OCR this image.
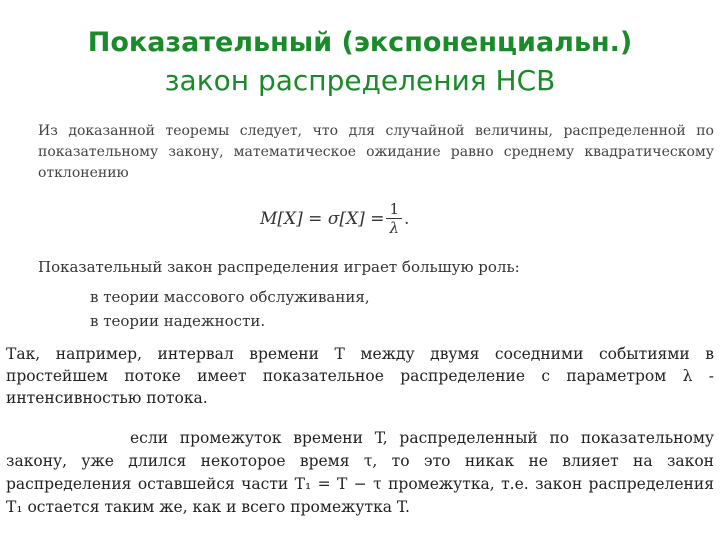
Показательный (экспоненциальн.)
закон распределения НСВ

Из доказанной теоремы следует, что для случайной величины, распределенной по показательному закону, математическое ожидание равно среднему квадратическому отклонению

$M[X] = \sigma[X] = \frac{1}{\lambda}$ .

Показательный закон распределения играет большую роль:

в теории массового обслуживания,
в теории надежности.

Так, например, интервал времени T между двумя соседними событиями в простейшем потоке имеет показательное распределение с параметром λ - интенсивностью потока.

если промежуток времени T, распределенный по показательному закону, уже длился некоторое время τ, то это никак не влияет на закон распределения оставшейся части T₁ = T − τ промежутка, т.е. закон распределения T₁ остается таким же, как и всего промежутка T.
